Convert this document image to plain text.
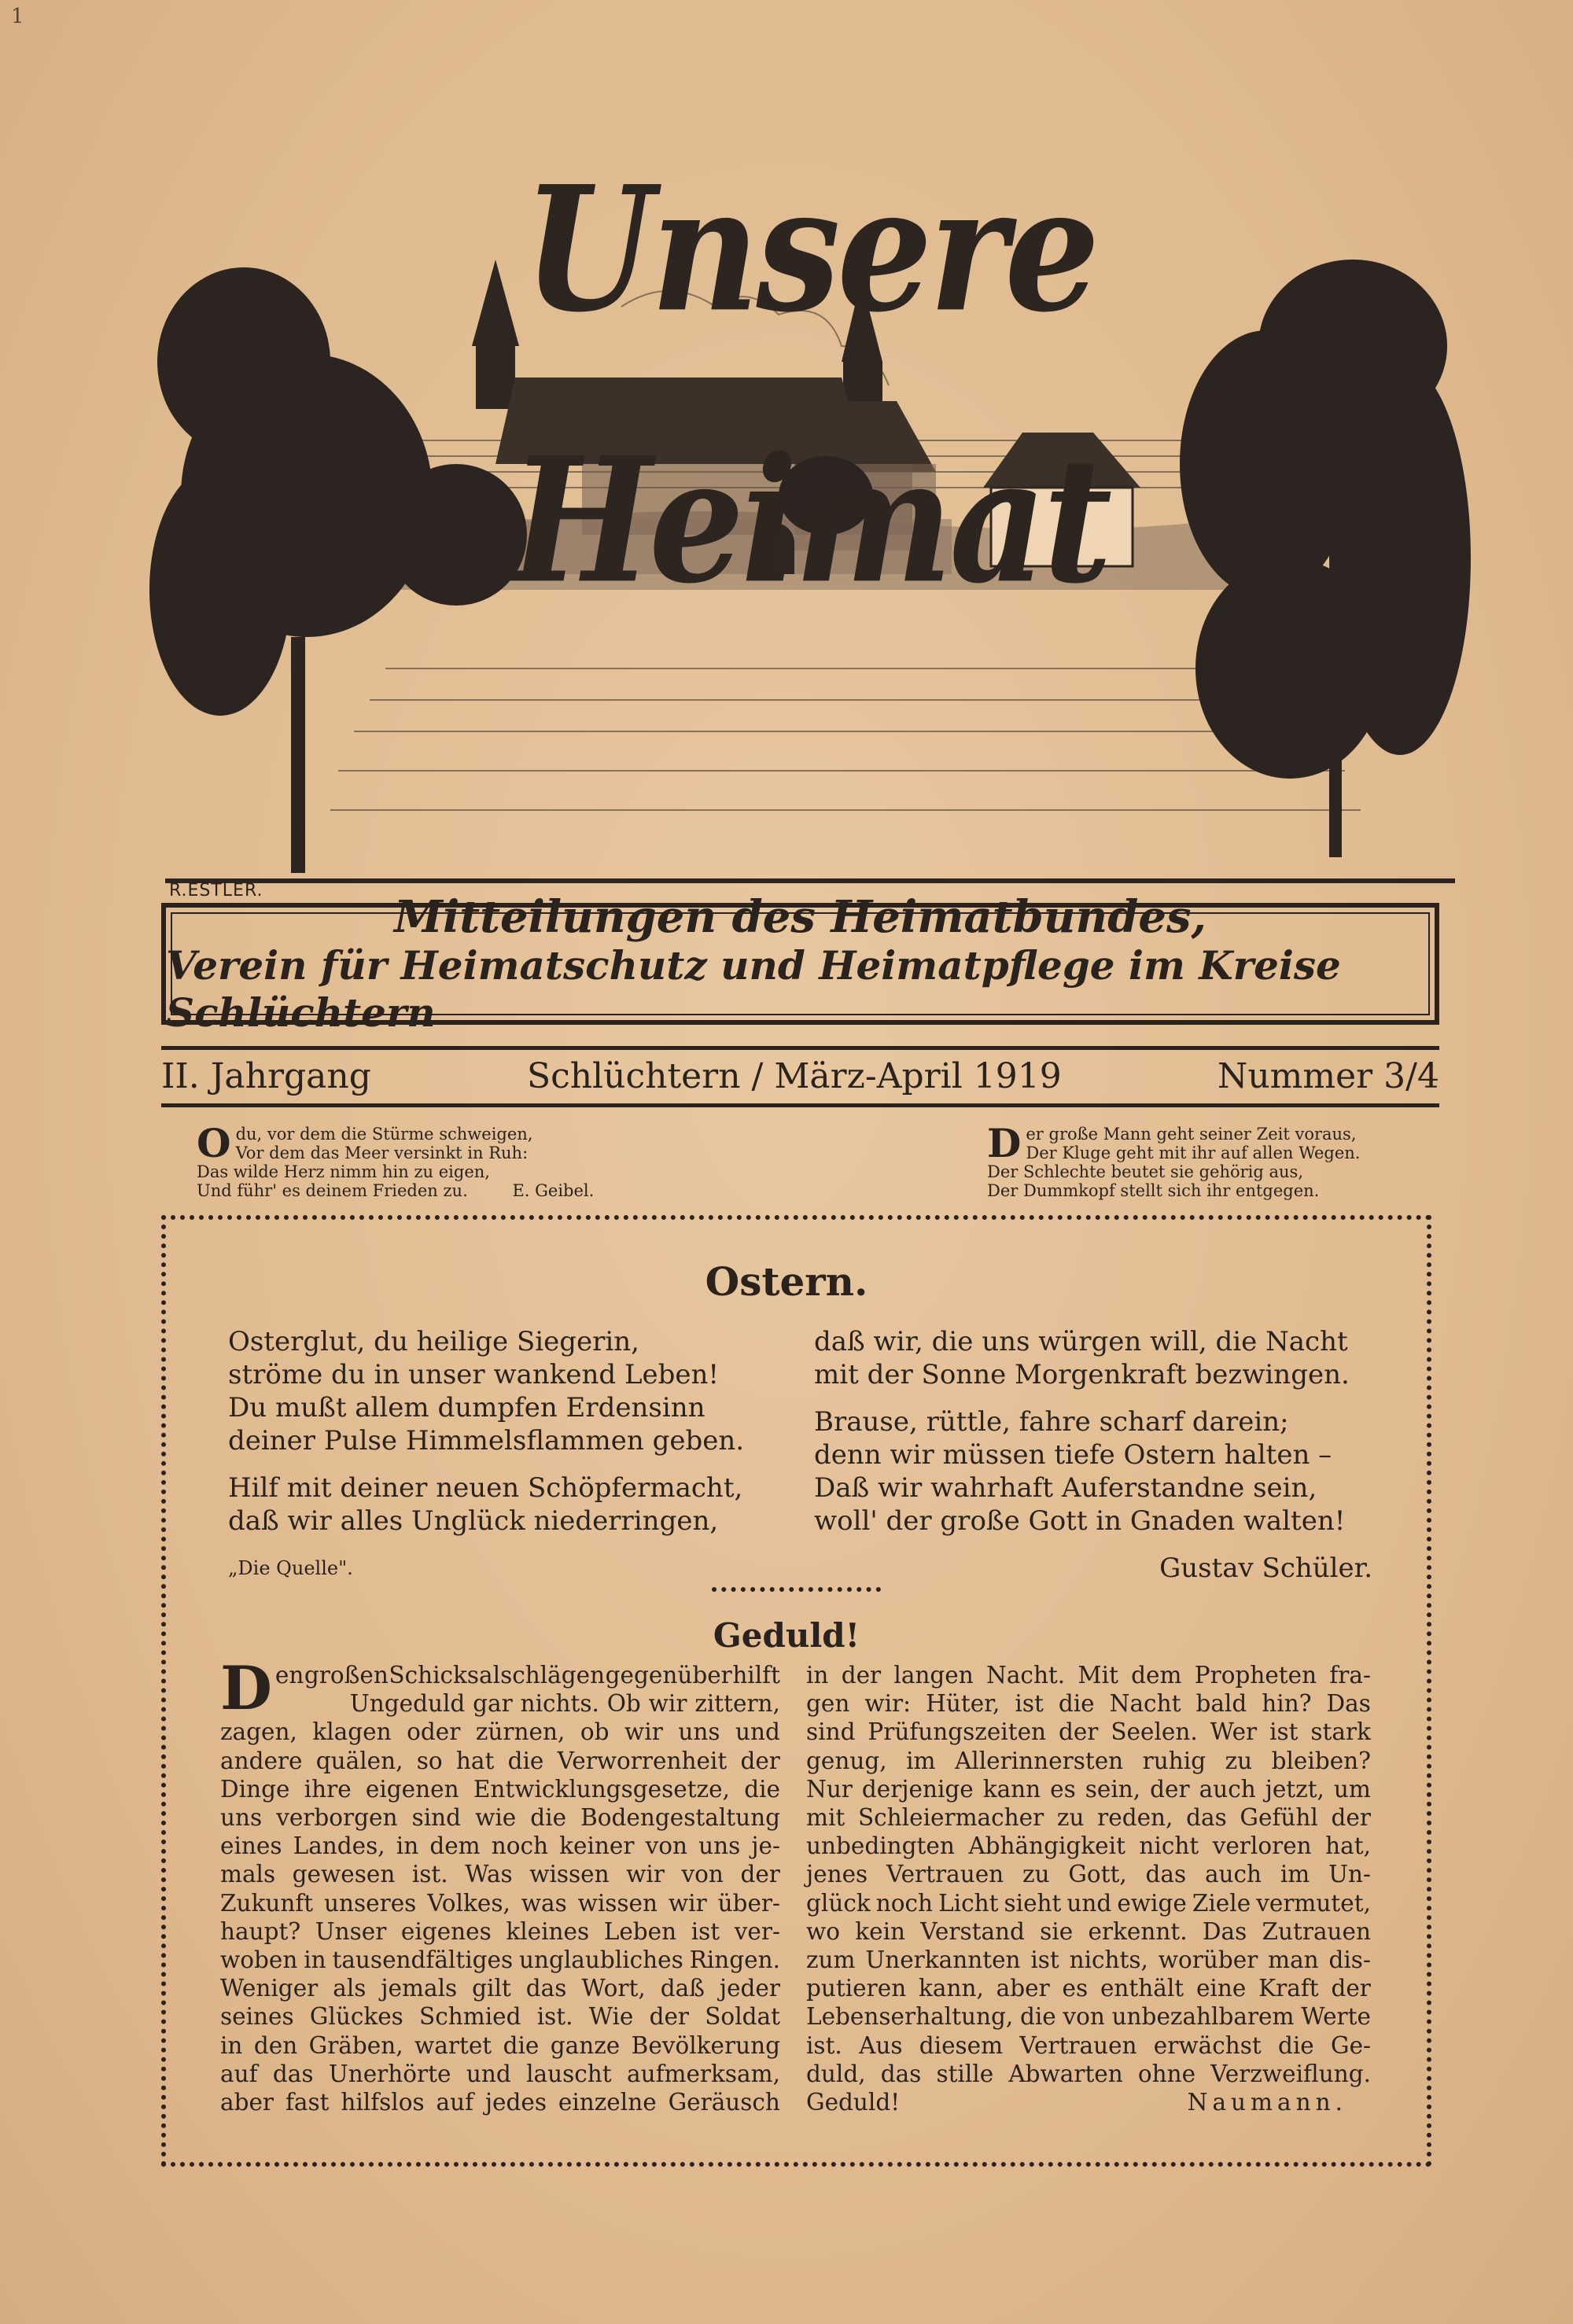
1
Unsere Heimat
R.ESTLER.	Mitteilungen des Heimatbundes,
Verein für Heimatschutz und Heimatpflege im Kreise Schlüchtern
II. Jahrgang	Schlüchtern / März-April 1919	Nummer 3/4
O du, vor dem die Stürme schweigen,
Vor dem das Meer versinkt in Ruh:
Das wilde Herz nimm hin zu eigen,
Und führ' es deinem Frieden zu.	E. Geibel.
D er große Mann geht seiner Zeit voraus,
Der Kluge geht mit ihr auf allen Wegen.
Der Schlechte beutet sie gehörig aus,
Der Dummkopf stellt sich ihr entgegen.
Ostern.
Osterglut, du heilige Siegerin,
ströme du in unser wankend Leben!
Du mußt allem dumpfen Erdensinn
deiner Pulse Himmelsflammen geben.
Hilf mit deiner neuen Schöpfermacht,
daß wir alles Unglück niederringen,
„Die Quelle".
daß wir, die uns würgen will, die Nacht
mit der Sonne Morgenkraft bezwingen.
Brause, rüttle, fahre scharf darein;
denn wir müssen tiefe Ostern halten –
Daß wir wahrhaft Auferstandne sein,
woll' der große Gott in Gnaden walten!
Gustav Schüler.
Geduld!
D en großen Schicksalschlägen gegenüber hilft
Ungeduld gar nichts. Ob wir zittern,
zagen, klagen oder zürnen, ob wir uns und
andere quälen, so hat die Verworrenheit der
Dinge ihre eigenen Entwicklungsgesetze, die
uns verborgen sind wie die Bodengestaltung
eines Landes, in dem noch keiner von uns je-
mals gewesen ist. Was wissen wir von der
Zukunft unseres Volkes, was wissen wir über-
haupt? Unser eigenes kleines Leben ist ver-
woben in tausendfältiges unglaubliches Ringen.
Weniger als jemals gilt das Wort, daß jeder
seines Glückes Schmied ist. Wie der Soldat
in den Gräben, wartet die ganze Bevölkerung
auf das Unerhörte und lauscht aufmerksam,
aber fast hilfslos auf jedes einzelne Geräusch
in der langen Nacht. Mit dem Propheten fra-
gen wir: Hüter, ist die Nacht bald hin? Das
sind Prüfungszeiten der Seelen. Wer ist stark
genug, im Allerinnersten ruhig zu bleiben?
Nur derjenige kann es sein, der auch jetzt, um
mit Schleiermacher zu reden, das Gefühl der
unbedingten Abhängigkeit nicht verloren hat,
jenes Vertrauen zu Gott, das auch im Un-
glück noch Licht sieht und ewige Ziele vermutet,
wo kein Verstand sie erkennt. Das Zutrauen
zum Unerkannten ist nichts, worüber man dis-
putieren kann, aber es enthält eine Kraft der
Lebenserhaltung, die von unbezahlbarem Werte
ist. Aus diesem Vertrauen erwächst die Ge-
duld, das stille Abwarten ohne Verzweiflung.
Geduld!	Naumann.
